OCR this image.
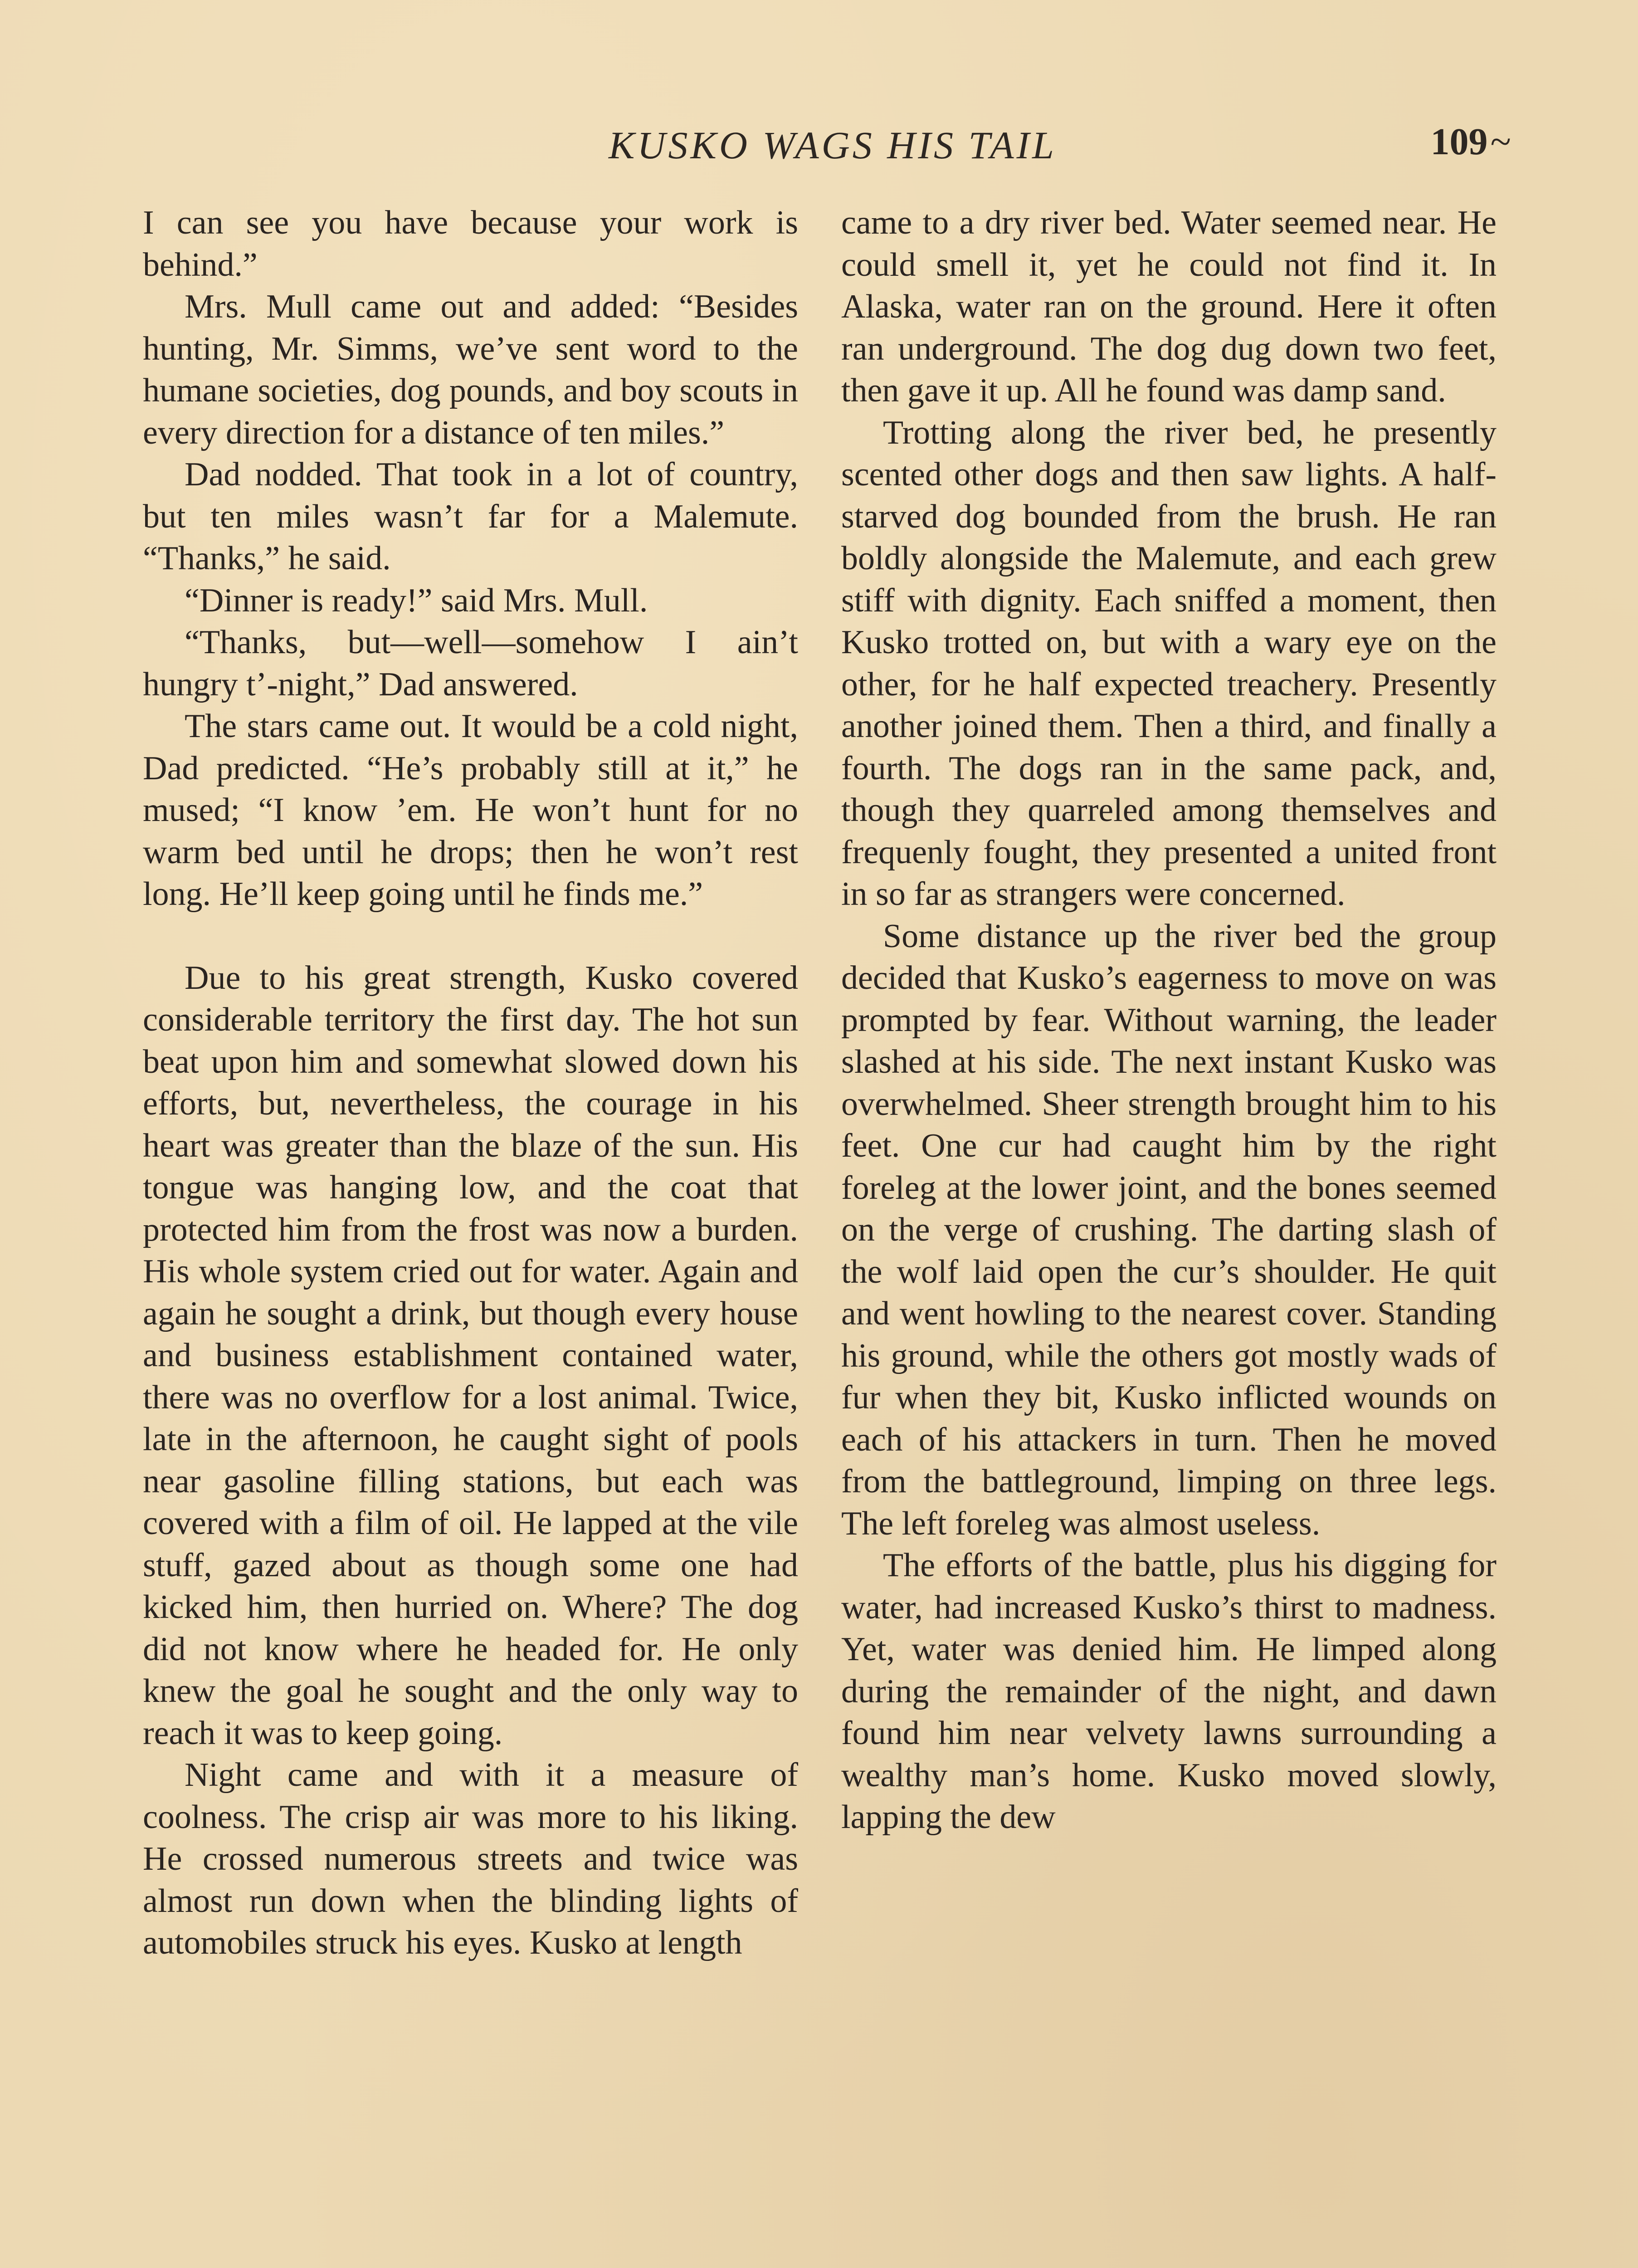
KUSKO WAGS HIS TAIL	109 ~

I can see you have because your work is behind.”

Mrs. Mull came out and added: “Besides hunting, Mr. Simms, we’ve sent word to the humane societies, dog pounds, and boy scouts in every direction for a distance of ten miles.”

Dad nodded. That took in a lot of country, but ten miles wasn’t far for a Malemute. “Thanks,” he said.

“Dinner is ready!” said Mrs. Mull.

“Thanks, but—well—somehow I ain’t hungry t’-night,” Dad answered.

The stars came out. It would be a cold night, Dad predicted. “He’s probably still at it,” he mused; “I know ’em. He won’t hunt for no warm bed until he drops; then he won’t rest long. He’ll keep going until he finds me.”

Due to his great strength, Kusko covered considerable territory the first day. The hot sun beat upon him and somewhat slowed down his efforts, but, nevertheless, the courage in his heart was greater than the blaze of the sun. His tongue was hanging low, and the coat that protected him from the frost was now a burden. His whole system cried out for water. Again and again he sought a drink, but though every house and business establishment contained water, there was no overflow for a lost animal. Twice, late in the afternoon, he caught sight of pools near gasoline filling stations, but each was covered with a film of oil. He lapped at the vile stuff, gazed about as though some one had kicked him, then hurried on. Where? The dog did not know where he headed for. He only knew the goal he sought and the only way to reach it was to keep going.

Night came and with it a measure of coolness. The crisp air was more to his liking. He crossed numerous streets and twice was almost run down when the blinding lights of automobiles struck his eyes. Kusko at length

came to a dry river bed. Water seemed near. He could smell it, yet he could not find it. In Alaska, water ran on the ground. Here it often ran underground. The dog dug down two feet, then gave it up. All he found was damp sand.

Trotting along the river bed, he presently scented other dogs and then saw lights. A half-starved dog bounded from the brush. He ran boldly alongside the Malemute, and each grew stiff with dignity. Each sniffed a moment, then Kusko trotted on, but with a wary eye on the other, for he half expected treachery. Presently another joined them. Then a third, and finally a fourth. The dogs ran in the same pack, and, though they quarreled among themselves and frequenly fought, they presented a united front in so far as strangers were concerned.

Some distance up the river bed the group decided that Kusko’s eagerness to move on was prompted by fear. Without warning, the leader slashed at his side. The next instant Kusko was overwhelmed. Sheer strength brought him to his feet. One cur had caught him by the right foreleg at the lower joint, and the bones seemed on the verge of crushing. The darting slash of the wolf laid open the cur’s shoulder. He quit and went howling to the nearest cover. Standing his ground, while the others got mostly wads of fur when they bit, Kusko inflicted wounds on each of his attackers in turn. Then he moved from the battleground, limping on three legs. The left foreleg was almost useless.

The efforts of the battle, plus his digging for water, had increased Kusko’s thirst to madness. Yet, water was denied him. He limped along during the remainder of the night, and dawn found him near velvety lawns surrounding a wealthy man’s home. Kusko moved slowly, lapping the dew
